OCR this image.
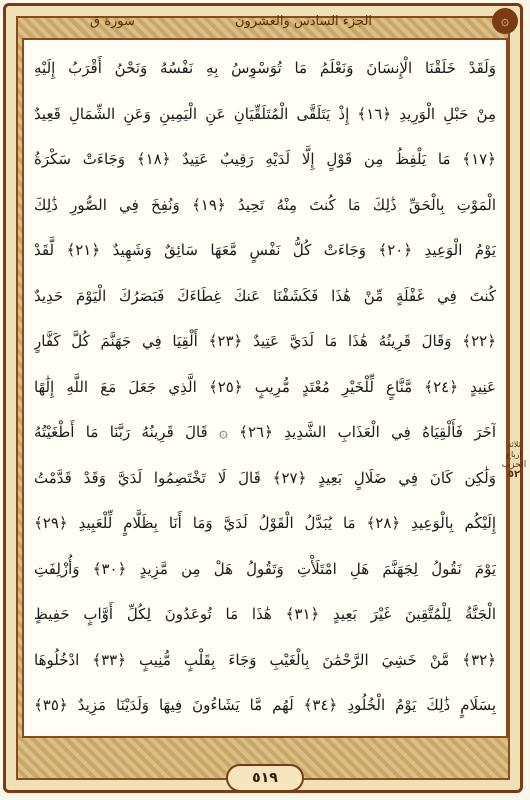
سورة ق	الجزء السادس والعشرون	۞
وَلَقَدْ خَلَقْنَا الْإِنسَانَ وَنَعْلَمُ مَا تُوَسْوِسُ بِهِ نَفْسُهُ وَنَحْنُ أَقْرَبُ إِلَيْهِ
مِنْ حَبْلِ الْوَرِيدِ ﴿١٦﴾ إِذْ يَتَلَقَّى الْمُتَلَقِّيَانِ عَنِ الْيَمِينِ وَعَنِ الشِّمَالِ قَعِيدٌ
﴿١٧﴾ مَا يَلْفِظُ مِن قَوْلٍ إِلَّا لَدَيْهِ رَقِيبٌ عَتِيدٌ ﴿١٨﴾ وَجَاءَتْ سَكْرَةُ
الْمَوْتِ بِالْحَقِّ ذَٰلِكَ مَا كُنتَ مِنْهُ تَحِيدُ ﴿١٩﴾ وَنُفِخَ فِي الصُّورِ ذَٰلِكَ
يَوْمُ الْوَعِيدِ ﴿٢٠﴾ وَجَاءَتْ كُلُّ نَفْسٍ مَّعَهَا سَائِقٌ وَشَهِيدٌ ﴿٢١﴾ لَّقَدْ
كُنتَ فِي غَفْلَةٍ مِّنْ هَٰذَا فَكَشَفْنَا عَنكَ غِطَاءَكَ فَبَصَرُكَ الْيَوْمَ حَدِيدٌ
﴿٢٢﴾ وَقَالَ قَرِينُهُ هَٰذَا مَا لَدَيَّ عَتِيدٌ ﴿٢٣﴾ أَلْقِيَا فِي جَهَنَّمَ كُلَّ كَفَّارٍ
عَنِيدٍ ﴿٢٤﴾ مَّنَّاعٍ لِّلْخَيْرِ مُعْتَدٍ مُّرِيبٍ ﴿٢٥﴾ الَّذِي جَعَلَ مَعَ اللَّهِ إِلَٰهًا
آخَرَ فَأَلْقِيَاهُ فِي الْعَذَابِ الشَّدِيدِ ﴿٢٦﴾ ۞ قَالَ قَرِينُهُ رَبَّنَا مَا أَطْغَيْتُهُ
وَلَٰكِن كَانَ فِي ضَلَالٍ بَعِيدٍ ﴿٢٧﴾ قَالَ لَا تَخْتَصِمُوا لَدَيَّ وَقَدْ قَدَّمْتُ
إِلَيْكُم بِالْوَعِيدِ ﴿٢٨﴾ مَا يُبَدَّلُ الْقَوْلُ لَدَيَّ وَمَا أَنَا بِظَلَّامٍ لِّلْعَبِيدِ ﴿٢٩﴾
يَوْمَ نَقُولُ لِجَهَنَّمَ هَلِ امْتَلَأْتِ وَتَقُولُ هَلْ مِن مَّزِيدٍ ﴿٣٠﴾ وَأُزْلِفَتِ
الْجَنَّةُ لِلْمُتَّقِينَ غَيْرَ بَعِيدٍ ﴿٣١﴾ هَٰذَا مَا تُوعَدُونَ لِكُلِّ أَوَّابٍ حَفِيظٍ
﴿٣٢﴾ مَّنْ خَشِيَ الرَّحْمَٰنَ بِالْغَيْبِ وَجَاءَ بِقَلْبٍ مُّنِيبٍ ﴿٣٣﴾ ادْخُلُوهَا
بِسَلَامٍ ذَٰلِكَ يَوْمُ الْخُلُودِ ﴿٣٤﴾ لَهُم مَّا يَشَاءُونَ فِيهَا وَلَدَيْنَا مَزِيدٌ ﴿٣٥﴾
ثلاثة أرباع
الحزب
٥٢
٥١٩
